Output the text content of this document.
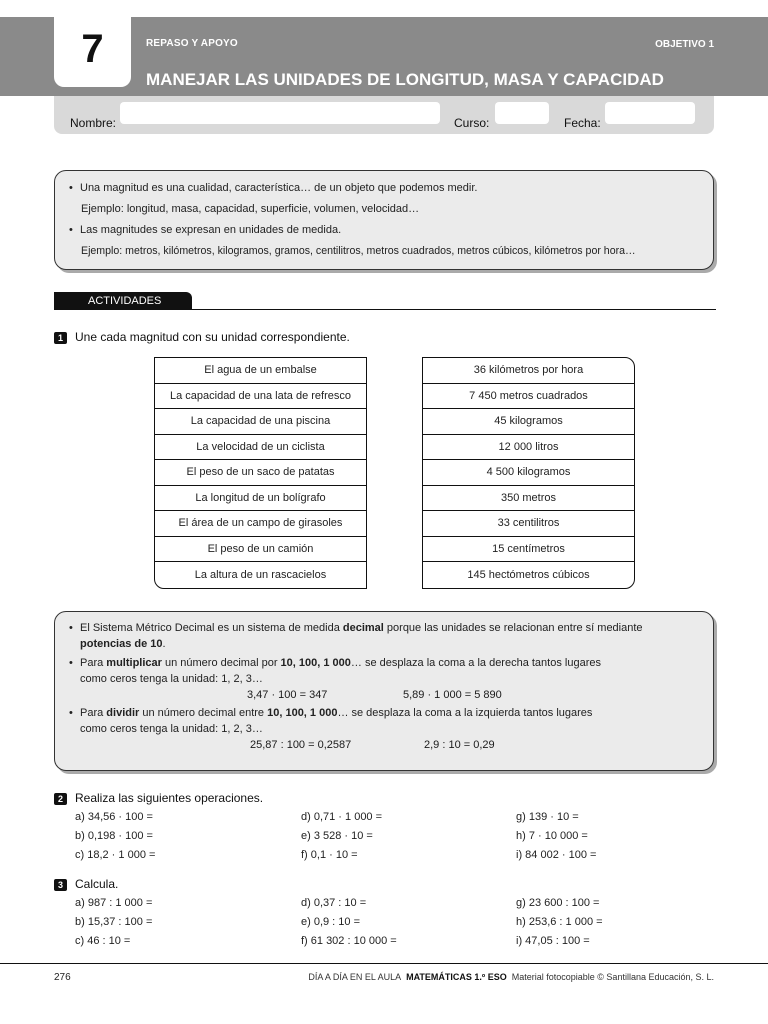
7	REPASO Y APOYO	OBJETIVO 1
MANEJAR LAS UNIDADES DE LONGITUD, MASA Y CAPACIDAD
Nombre:	Curso:	Fecha:
• Una magnitud es una cualidad, característica… de un objeto que podemos medir.
Ejemplo: longitud, masa, capacidad, superficie, volumen, velocidad…
• Las magnitudes se expresan en unidades de medida.
Ejemplo: metros, kilómetros, kilogramos, gramos, centilitros, metros cuadrados, metros cúbicos, kilómetros por hora…
ACTIVIDADES
1 Une cada magnitud con su unidad correspondiente.
El agua de un embalse
La capacidad de una lata de refresco
La capacidad de una piscina
La velocidad de un ciclista
El peso de un saco de patatas
La longitud de un bolígrafo
El área de un campo de girasoles
El peso de un camión
La altura de un rascacielos
36 kilómetros por hora
7 450 metros cuadrados
45 kilogramos
12 000 litros
4 500 kilogramos
350 metros
33 centilitros
15 centímetros
145 hectómetros cúbicos
• El Sistema Métrico Decimal es un sistema de medida decimal porque las unidades se relacionan entre sí mediante
potencias de 10.
• Para multiplicar un número decimal por 10, 100, 1 000… se desplaza la coma a la derecha tantos lugares
como ceros tenga la unidad: 1, 2, 3…
3,47 · 100 = 347	5,89 · 1 000 = 5 890
• Para dividir un número decimal entre 10, 100, 1 000… se desplaza la coma a la izquierda tantos lugares
como ceros tenga la unidad: 1, 2, 3…
25,87 : 100 = 0,2587	2,9 : 10 = 0,29
2 Realiza las siguientes operaciones.
a) 34,56 · 100 =	d) 0,71 · 1 000 =	g) 139 · 10 =
b) 0,198 · 100 =	e) 3 528 · 10 =	h) 7 · 10 000 =
c) 18,2 · 1 000 =	f) 0,1 · 10 =	i) 84 002 · 100 =
3 Calcula.
a) 987 : 1 000 =	d) 0,37 : 10 =	g) 23 600 : 100 =
b) 15,37 : 100 =	e) 0,9 : 10 =	h) 253,6 : 1 000 =
c) 46 : 10 =	f) 61 302 : 10 000 =	i) 47,05 : 100 =
276	DÍA A DÍA EN EL AULA MATEMÁTICAS 1.º ESO Material fotocopiable © Santillana Educación, S. L.
